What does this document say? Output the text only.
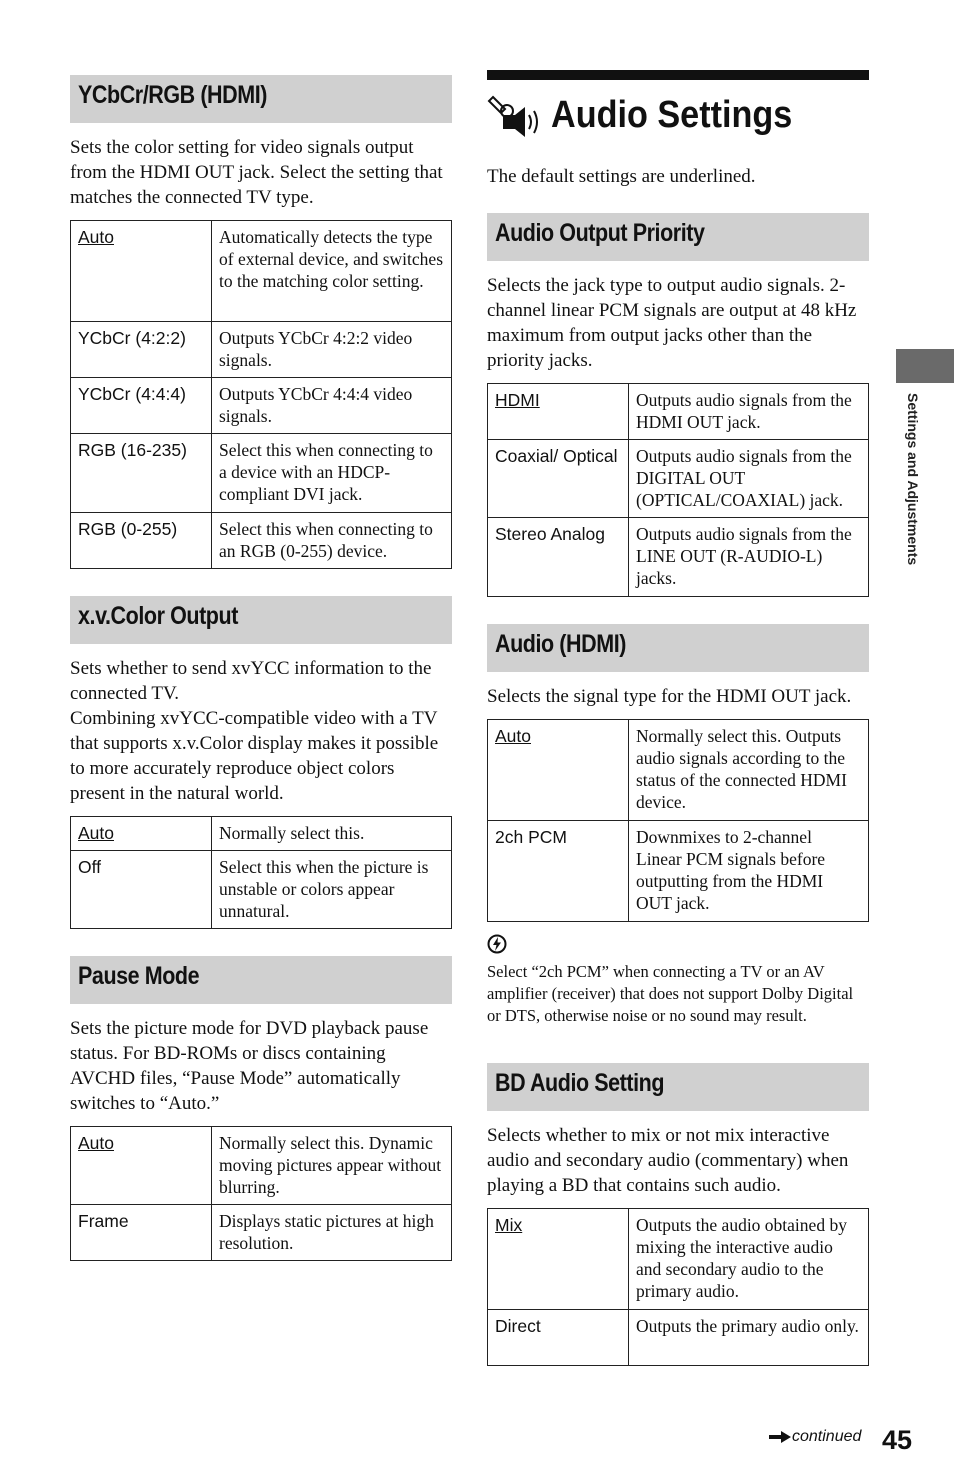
YCbCr/RGB (HDMI)
Sets the color setting for video signals output from the HDMI OUT jack. Select the setting that matches the connected TV type.
Auto	Automatically detects the type of external device, and switches to the matching color setting.
YCbCr (4:2:2)	Outputs YCbCr 4:2:2 video signals.
YCbCr (4:4:4)	Outputs YCbCr 4:4:4 video signals.
RGB (16-235)	Select this when connecting to a device with an HDCP-compliant DVI jack.
RGB (0-255)	Select this when connecting to an RGB (0-255) device.
x.v.Color Output

Sets whether to send xvYCC information to the connected TV.

Combining xvYCC-compatible video with a TV that supports x.v.Color display makes it possible to more accurately reproduce object colors present in the natural world.

Auto	Normally select this.
Off	Select this when the picture is unstable or colors appear unnatural.
Pause Mode
Sets the picture mode for DVD playback pause status. For BD-ROMs or discs containing AVCHD files, “Pause Mode” automatically switches to “Auto.”
Auto	Normally select this. Dynamic moving pictures appear without blurring.
Frame	Displays static pictures at high resolution.
Audio Settings
The default settings are underlined.
Audio Output Priority
Selects the jack type to output audio signals. 2-channel linear PCM signals are output at 48 kHz maximum from output jacks other than the priority jacks.
HDMI	Outputs audio signals from the HDMI OUT jack.
Coaxial/ Optical	Outputs audio signals from the DIGITAL OUT (OPTICAL/COAXIAL) jack.
Stereo Analog	Outputs audio signals from the LINE OUT (R-AUDIO-L) jacks.
Audio (HDMI)
Selects the signal type for the HDMI OUT jack.
Auto	Normally select this. Outputs audio signals according to the status of the connected HDMI device.
2ch PCM	Downmixes to 2-channel Linear PCM signals before outputting from the HDMI OUT jack.
Select “2ch PCM” when connecting a TV or an AV amplifier (receiver) that does not support Dolby Digital or DTS, otherwise noise or no sound may result.
BD Audio Setting
Selects whether to mix or not mix interactive audio and secondary audio (commentary) when playing a BD that contains such audio.
Mix	Outputs the audio obtained by mixing the interactive audio and secondary audio to the primary audio.
Direct	Outputs the primary audio only.
Settings and Adjustments
continued 45
